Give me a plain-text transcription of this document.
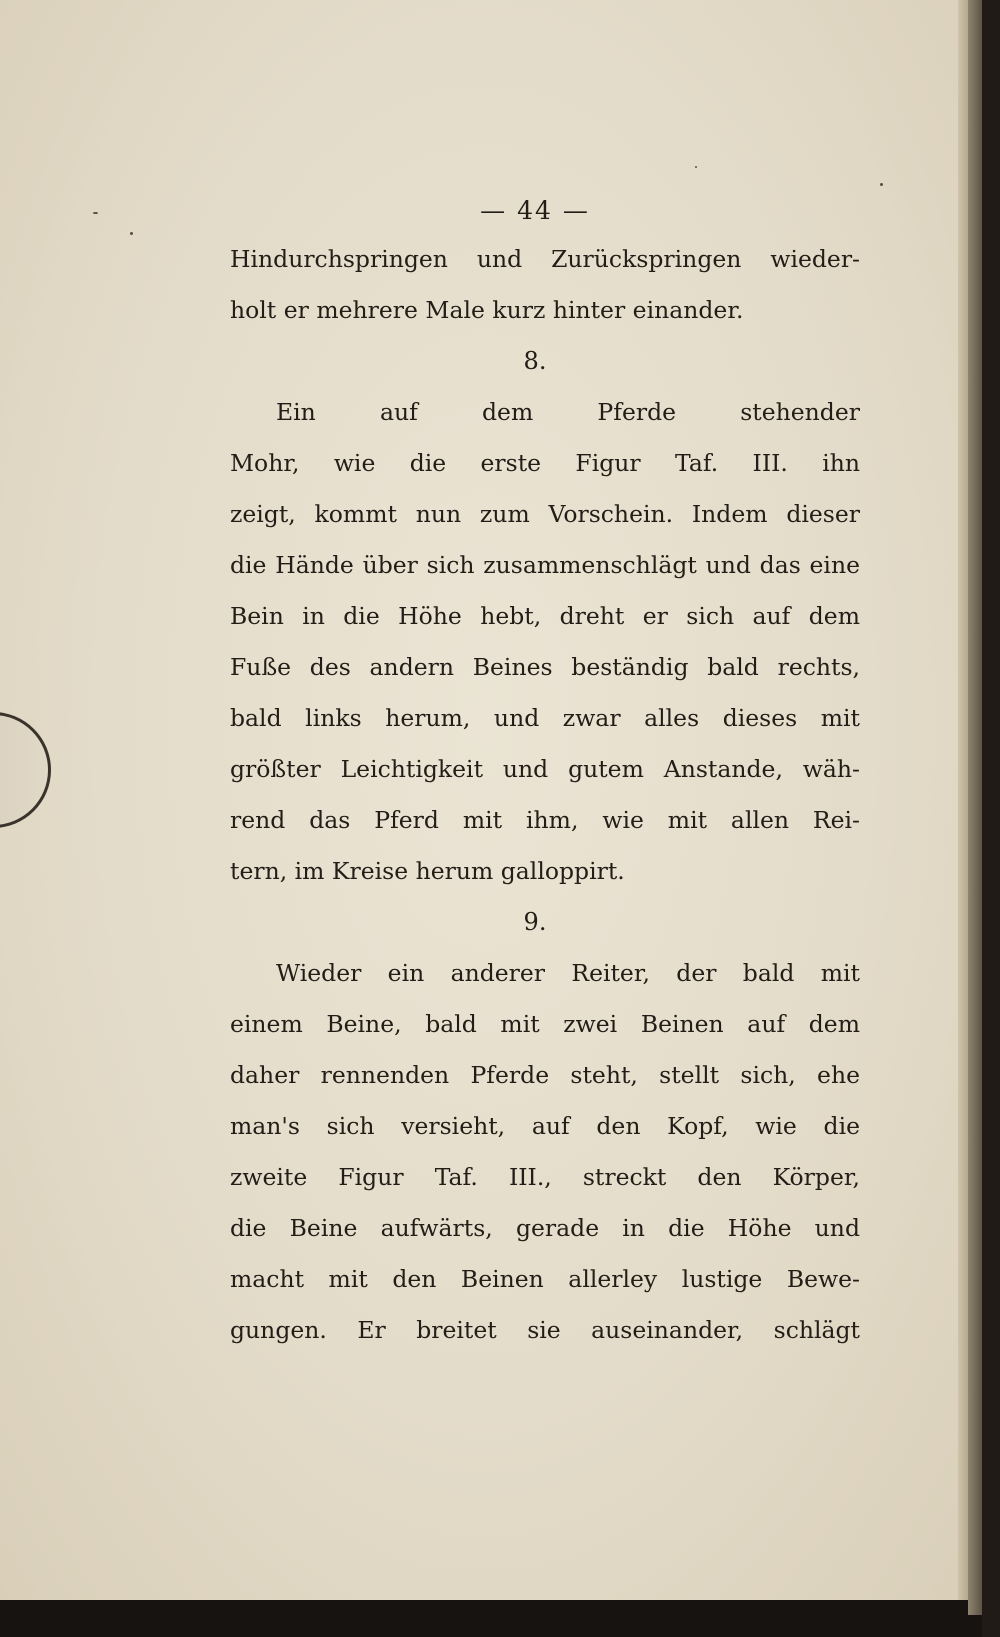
— 44 —
Hindurchspringen und Zurückspringen wieder-
holt er mehrere Male kurz hinter einander.
8.
Ein auf dem Pferde stehender
Mohr, wie die erste Figur Taf. III. ihn
zeigt, kommt nun zum Vorschein. Indem dieser
die Hände über sich zusammenschlägt und das eine
Bein in die Höhe hebt, dreht er sich auf dem
Fuße des andern Beines beständig bald rechts,
bald links herum, und zwar alles dieses mit
größter Leichtigkeit und gutem Anstande, wäh-
rend das Pferd mit ihm, wie mit allen Rei-
tern, im Kreise herum galloppirt.
9.
Wieder ein anderer Reiter, der bald mit
einem Beine, bald mit zwei Beinen auf dem
daher rennenden Pferde steht, stellt sich, ehe
man's sich versieht, auf den Kopf, wie die
zweite Figur Taf. III., streckt den Körper,
die Beine aufwärts, gerade in die Höhe und
macht mit den Beinen allerley lustige Bewe-
gungen. Er breitet sie auseinander, schlägt
